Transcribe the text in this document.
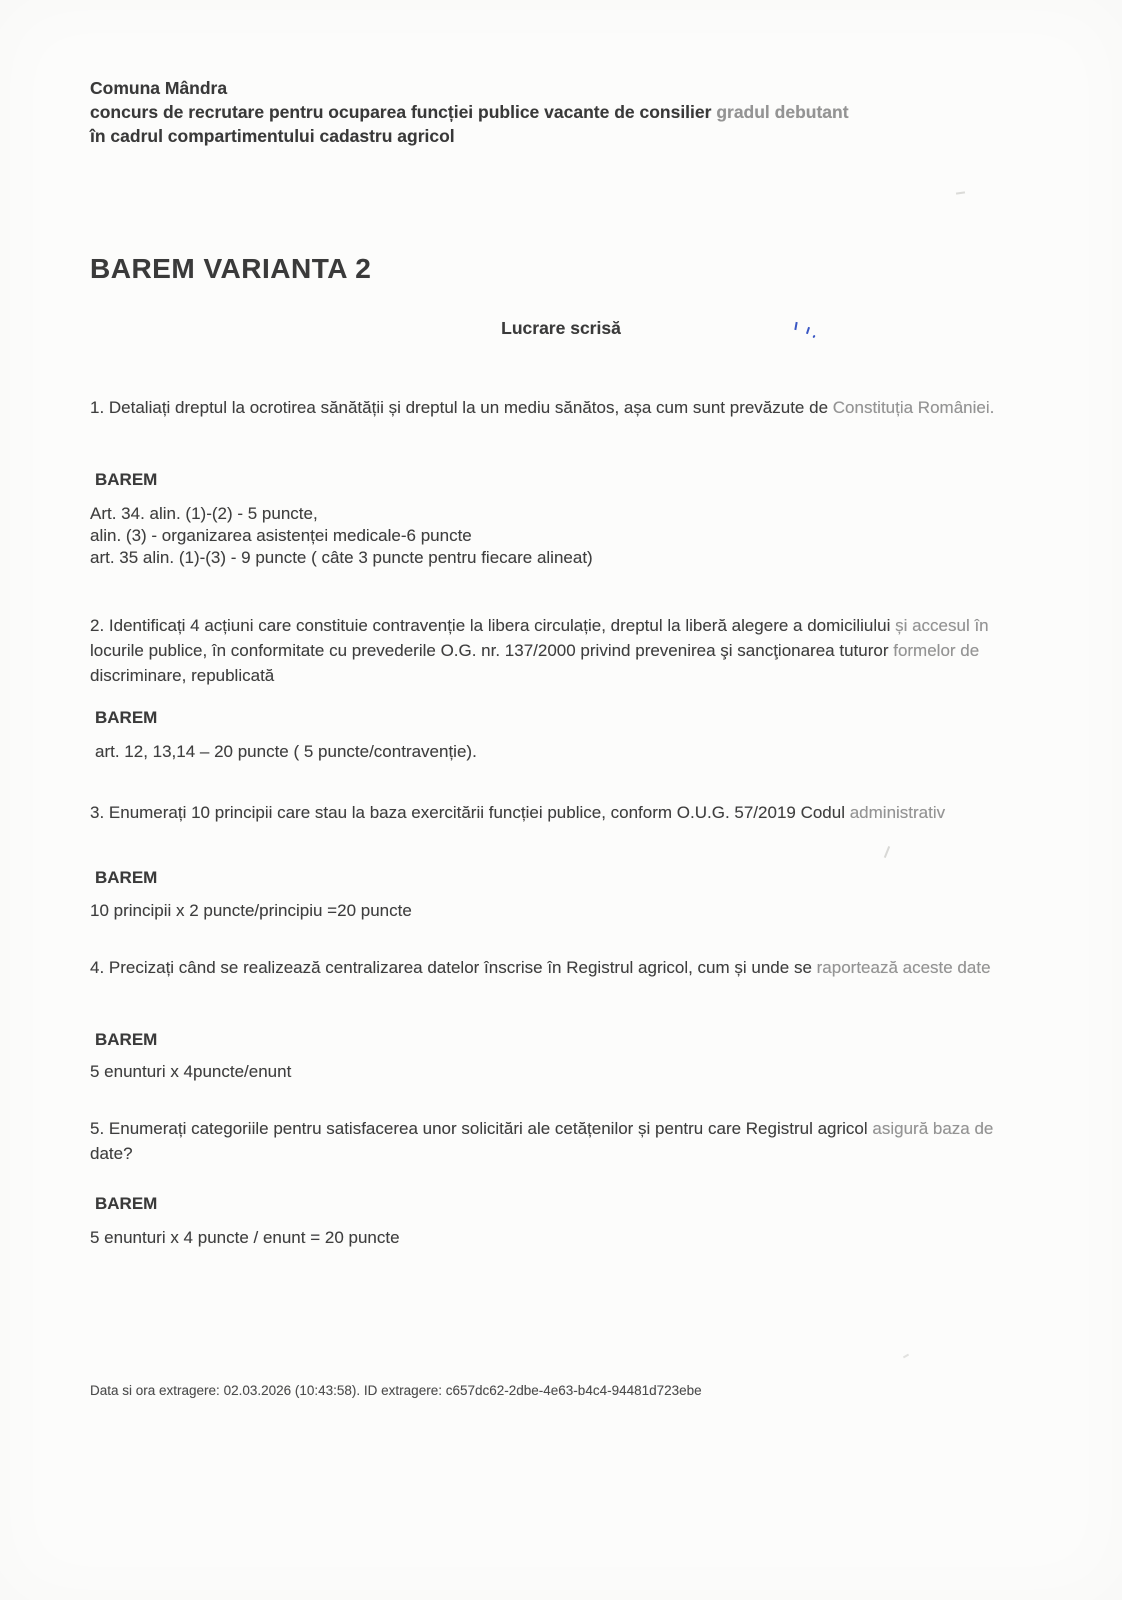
Comuna Mândra
concurs de recrutare pentru ocuparea funcției publice vacante de consilier gradul debutant
în cadrul compartimentului cadastru agricol
BAREM VARIANTA 2
Lucrare scrisă
1. Detaliați dreptul la ocrotirea sănătății și dreptul la un mediu sănătos, așa cum sunt prevăzute de Constituția României.
BAREM
Art. 34. alin. (1)-(2) - 5 puncte,
alin. (3) - organizarea asistenței medicale-6 puncte
art. 35 alin. (1)-(3) - 9 puncte ( câte 3 puncte pentru fiecare alineat)
2. Identificați 4 acțiuni care constituie contravenție la libera circulație, dreptul la liberă alegere a domiciliului și accesul în
locurile publice, în conformitate cu prevederile O.G. nr. 137/2000 privind prevenirea şi sancţionarea tuturor formelor de
discriminare, republicată
BAREM
art. 12, 13,14 – 20 puncte ( 5 puncte/contravenție).
3. Enumerați 10 principii care stau la baza exercitării funcției publice, conform O.U.G. 57/2019 Codul administrativ
BAREM
10 principii x 2 puncte/principiu =20 puncte
4. Precizați când se realizează centralizarea datelor înscrise în Registrul agricol, cum și unde se raportează aceste date
BAREM
5 enunturi x 4puncte/enunt
5. Enumerați categoriile pentru satisfacerea unor solicitări ale cetățenilor și pentru care Registrul agricol asigură baza de
date?
BAREM
5 enunturi x 4 puncte / enunt = 20 puncte
Data si ora extragere: 02.03.2026 (10:43:58). ID extragere: c657dc62-2dbe-4e63-b4c4-94481d723ebe
